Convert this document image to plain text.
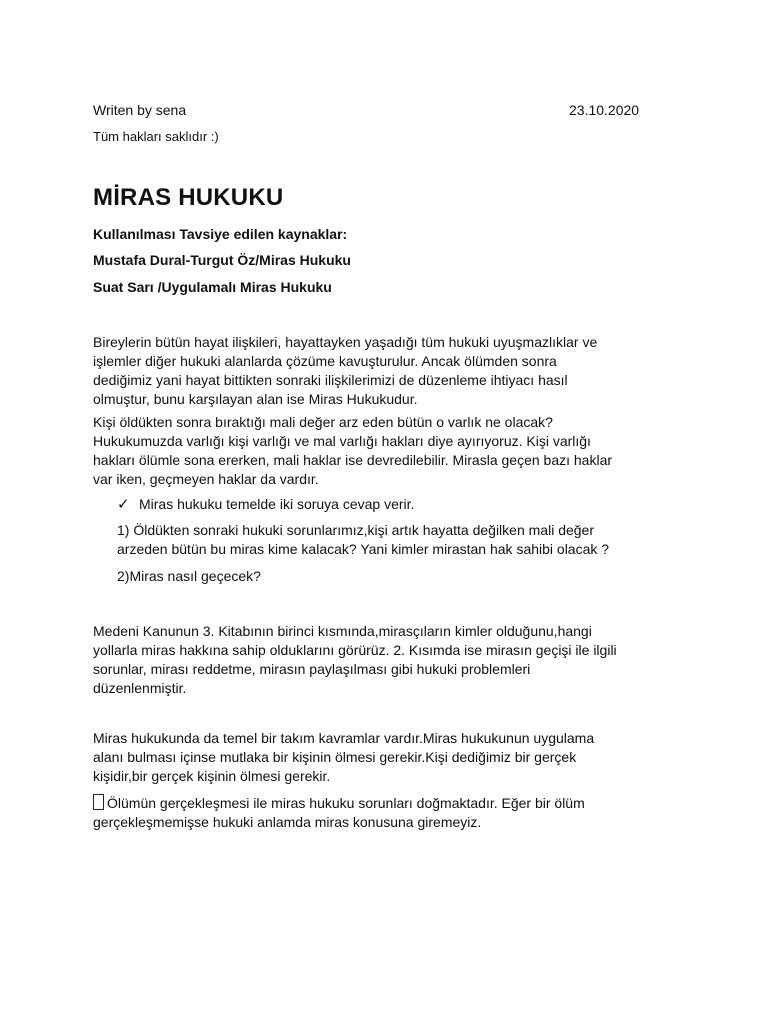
Writen by sena	23.10.2020
Tüm hakları saklıdır :)
MİRAS HUKUKU
Kullanılması Tavsiye edilen kaynaklar:
Mustafa Dural-Turgut Öz/Miras Hukuku
Suat Sarı /Uygulamalı Miras Hukuku
Bireylerin bütün hayat ilişkileri, hayattayken yaşadığı tüm hukuki uyuşmazlıklar ve
işlemler diğer hukuki alanlarda çözüme kavuşturulur. Ancak ölümden sonra
dediğimiz yani hayat bittikten sonraki ilişkilerimizi de düzenleme ihtiyacı hasıl
olmuştur, bunu karşılayan alan ise Miras Hukukudur.
Kişi öldükten sonra bıraktığı mali değer arz eden bütün o varlık ne olacak?
Hukukumuzda varlığı kişi varlığı ve mal varlığı hakları diye ayırıyoruz. Kişi varlığı
hakları ölümle sona ererken, mali haklar ise devredilebilir. Mirasla geçen bazı haklar
var iken, geçmeyen haklar da vardır.
✓ Miras hukuku temelde iki soruya cevap verir.
1) Öldükten sonraki hukuki sorunlarımız,kişi artık hayatta değilken mali değer
arzeden bütün bu miras kime kalacak? Yani kimler mirastan hak sahibi olacak ?
2)Miras nasıl geçecek?
Medeni Kanunun 3. Kitabının birinci kısmında,mirasçıların kimler olduğunu,hangi
yollarla miras hakkına sahip olduklarını görürüz. 2. Kısımda ise mirasın geçişi ile ilgili
sorunlar, mirası reddetme, mirasın paylaşılması gibi hukuki problemleri
düzenlenmiştir.
Miras hukukunda da temel bir takım kavramlar vardır.Miras hukukunun uygulama
alanı bulması içinse mutlaka bir kişinin ölmesi gerekir.Kişi dediğimiz bir gerçek
kişidir,bir gerçek kişinin ölmesi gerekir.
Ölümün gerçekleşmesi ile miras hukuku sorunları doğmaktadır. Eğer bir ölüm
gerçekleşmemişse hukuki anlamda miras konusuna giremeyiz.
